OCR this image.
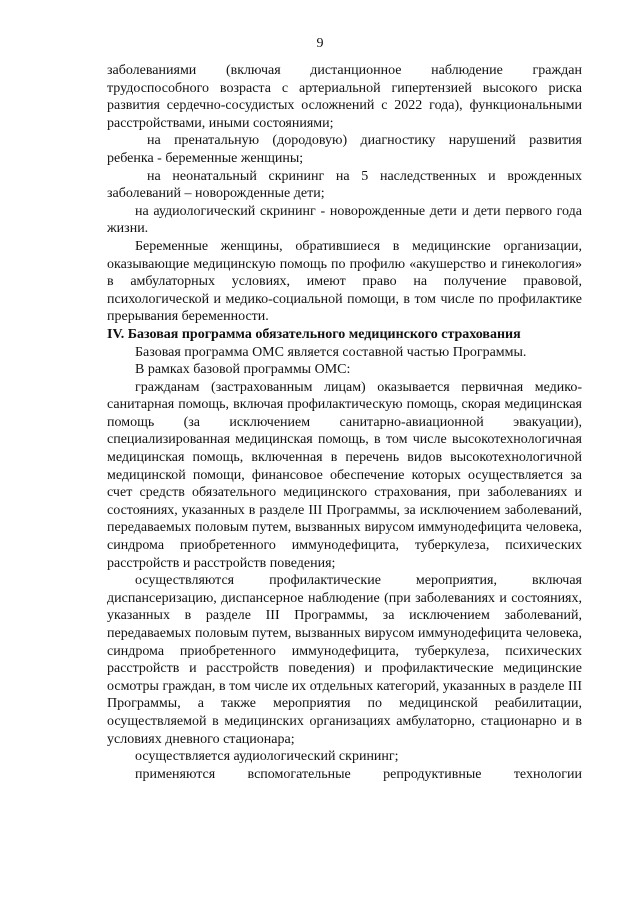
9

заболеваниями (включая дистанционное наблюдение граждан трудоспособного возраста с артериальной гипертензией высокого риска развития сердечно-сосудистых осложнений с 2022 года), функциональными расстройствами, иными состояниями;

на пренатальную (дородовую) диагностику нарушений развития ребенка - беременные женщины;

на неонатальный скрининг на 5 наследственных и врожденных заболеваний – новорожденные дети;

на аудиологический скрининг - новорожденные дети и дети первого года жизни.

Беременные женщины, обратившиеся в медицинские организации, оказывающие медицинскую помощь по профилю «акушерство и гинекология» в амбулаторных условиях, имеют право на получение правовой, психологической и медико-социальной помощи, в том числе по профилактике прерывания беременности.

IV. Базовая программа обязательного медицинского страхования

Базовая программа ОМС является составной частью Программы.

В рамках базовой программы ОМС:

гражданам (застрахованным лицам) оказывается первичная медико-санитарная помощь, включая профилактическую помощь, скорая медицинская помощь (за исключением санитарно-авиационной эвакуации), специализированная медицинская помощь, в том числе высокотехнологичная медицинская помощь, включенная в перечень видов высокотехнологичной медицинской помощи, финансовое обеспечение которых осуществляется за счет средств обязательного медицинского страхования, при заболеваниях и состояниях, указанных в разделе III Программы, за исключением заболеваний, передаваемых половым путем, вызванных вирусом иммунодефицита человека, синдрома приобретенного иммунодефицита, туберкулеза, психических расстройств и расстройств поведения;

осуществляются профилактические мероприятия, включая диспансеризацию, диспансерное наблюдение (при заболеваниях и состояниях, указанных в разделе III Программы, за исключением заболеваний, передаваемых половым путем, вызванных вирусом иммунодефицита человека, синдрома приобретенного иммунодефицита, туберкулеза, психических расстройств и расстройств поведения) и профилактические медицинские осмотры граждан, в том числе их отдельных категорий, указанных в разделе III Программы, а также мероприятия по медицинской реабилитации, осуществляемой в медицинских организациях амбулаторно, стационарно и в условиях дневного стационара;

осуществляется аудиологический скрининг;

применяются вспомогательные репродуктивные технологии
